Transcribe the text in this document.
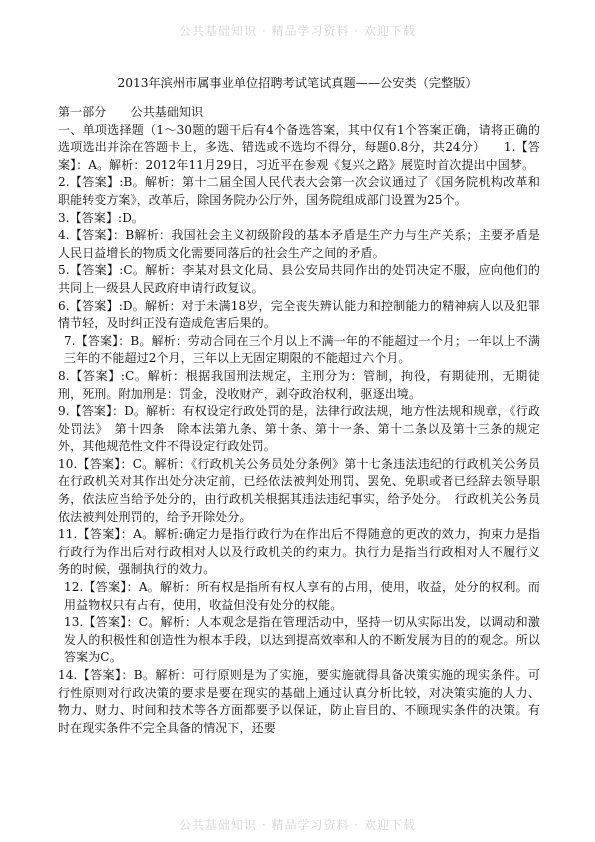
公共基础知识 · 精品学习资料 · 欢迎下载
2013年滨州市属事业单位招聘考试笔试真题——公安类（完整版）

第一部分　　公共基础知识

一、单项选择题（1～30题的题干后有4个备选答案，其中仅有1个答案正确，请将正确的选项选出并涂在答题卡上，多选、错选或不选均不得分，每题0.8分，共24分）　　1.【答案】：A。解析：2012年11月29日，习近平在参观《复兴之路》展览时首次提出中国梦。

2.【答案】:B。解析：第十二届全国人民代表大会第一次会议通过了《国务院机构改革和职能转变方案》，改革后，除国务院办公厅外，国务院组成部门设置为25个。

3.【答案】:D。

4.【答案】：B解析：我国社会主义初级阶段的基本矛盾是生产力与生产关系；主要矛盾是人民日益增长的物质文化需要同落后的社会生产之间的矛盾。

5.【答案】:C。解析：李某对县文化局、县公安局共同作出的处罚决定不服，应向他们的共同上一级县人民政府申请行政复议。

6.【答案】:D。解析：对于未满18岁，完全丧失辨认能力和控制能力的精神病人以及犯罪情节轻，及时纠正没有造成危害后果的。

7.【答案】：B。解析：劳动合同在三个月以上不满一年的不能超过一个月；一年以上不满三年的不能超过2个月，三年以上无固定期限的不能超过六个月。

8.【答案】:C。解析：根据我国刑法规定，主刑分为：管制，拘役，有期徒刑，无期徒刑，死刑。附加刑是：罚金，没收财产，剥夺政治权利，驱逐出境。

9.【答案】：D。解析：有权设定行政处罚的是，法律行政法规，地方性法规和规章，《行政处罚法》　第十四条　除本法第九条、第十条、第十一条、第十二条以及第十三条的规定外，其他规范性文件不得设定行政处罚。

10.【答案】：C。解析：《行政机关公务员处分条例》第十七条违法违纪的行政机关公务员在行政机关对其作出处分决定前，已经依法被判处刑罚、罢免、免职或者已经辞去领导职务，依法应当给予处分的，由行政机关根据其违法违纪事实，给予处分。　行政机关公务员依法被判处刑罚的，给予开除处分。

11.【答案】：A。解析:确定力是指行政行为在作出后不得随意的更改的效力，拘束力是指行政行为作出后对行政相对人以及行政机关的约束力。执行力是指当行政相对人不履行义务的时候，强制执行的效力。

12.【答案】：A。解析：所有权是指所有权人享有的占用，使用，收益，处分的权利。而用益物权只有占有，使用，收益但没有处分的权能。

13.【答案】：C。解析：人本观念是指在管理活动中，坚持一切从实际出发，以调动和激发人的积极性和创造性为根本手段，以达到提高效率和人的不断发展为目的的观念。所以答案为C。

14.【答案】：B。解析：可行原则是为了实施，要实施就得具备决策实施的现实条件。可行性原则对行政决策的要求是要在现实的基础上通过认真分析比较，对决策实施的人力、物力、财力、时间和技术等各方面都要予以保证，防止盲目的、不顾现实条件的决策。有时在现实条件不完全具备的情况下，还要

公共基础知识 · 精品学习资料 · 欢迎下载
